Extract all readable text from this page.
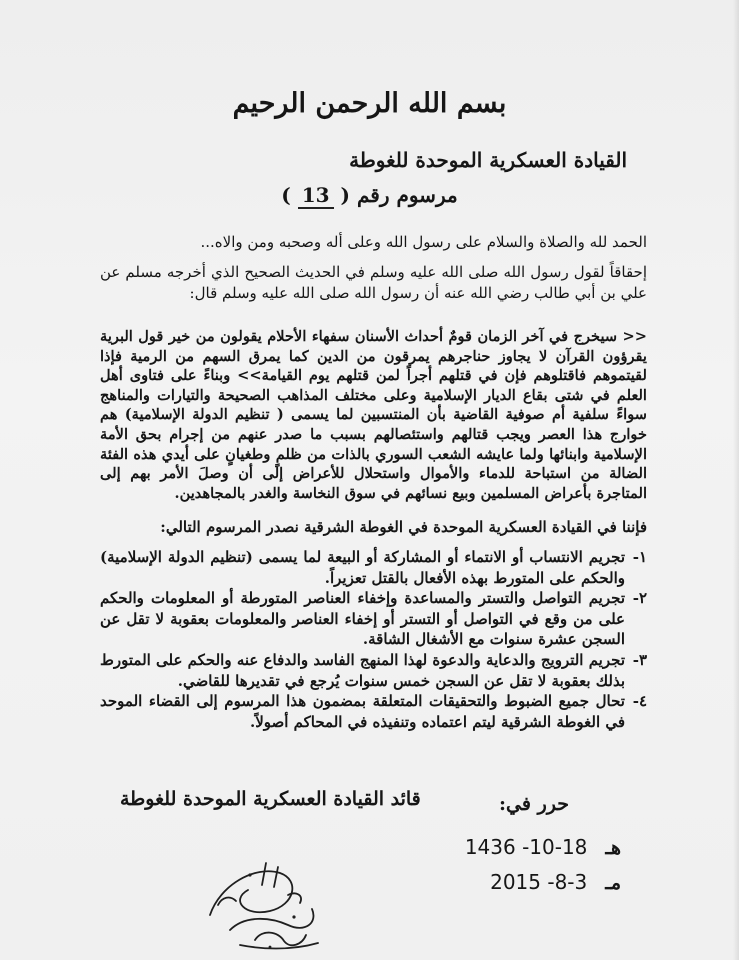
بسم الله الرحمن الرحيم
القيادة العسكرية الموحدة للغوطة
مرسوم رقم ( 13 )
الحمد لله والصلاة والسلام على رسول الله وعلى أله وصحبه ومن والاه...
إحقاقاً لقول رسول الله صلى الله عليه وسلم في الحديث الصحيح الذي أخرجه مسلم عن علي بن أبي طالب رضي الله عنه أن رسول الله صلى الله عليه وسلم قال:
<< سيخرج في آخر الزمان قومٌ أحداث الأسنان سفهاء الأحلام يقولون من خير قول البرية يقرؤون القرآن لا يجاوز حناجرهم يمرقون من الدين كما يمرق السهم من الرمية فإذا لقيتموهم فاقتلوهم فإن في قتلهم أجراً لمن قتلهم يوم القيامة>> وبناءً على فتاوى أهل العلم في شتى بقاع الديار الإسلامية وعلى مختلف المذاهب الصحيحة والتيارات والمناهج سواءً سلفية أم صوفية القاضية بأن المنتسبين لما يسمى ( تنظيم الدولة الإسلامية) هم خوارج هذا العصر ويجب قتالهم واستئصالهم بسبب ما صدر عنهم من إجرام بحق الأمة الإسلامية وابنائها ولما عايشه الشعب السوري بالذات من ظلمٍ وطغيانٍ على أيدي هذه الفئة الضالة من استباحة للدماء والأموال واستحلال للأعراض إلى أن وصلَ الأمر بهم إلى المتاجرة بأعراض المسلمين وبيع نسائهم في سوق النخاسة والغدر بالمجاهدين.
فإننا في القيادة العسكرية الموحدة في الغوطة الشرقية نصدر المرسوم التالي:
١-
تجريم الانتساب أو الانتماء أو المشاركة أو البيعة لما يسمى (تنظيم الدولة الإسلامية) والحكم على المتورط بهذه الأفعال بالقتل تعزيراً.
٢-
تجريم التواصل والتستر والمساعدة وإخفاء العناصر المتورطة أو المعلومات والحكم على من وقع في التواصل أو التستر أو إخفاء العناصر والمعلومات بعقوبة لا تقل عن السجن عشرة سنوات مع الأشغال الشاقة.
٣-
تجريم الترويج والدعاية والدعوة لهذا المنهج الفاسد والدفاع عنه والحكم على المتورط بذلك بعقوبة لا تقل عن السجن خمس سنوات يُرجع في تقديرها للقاضي.
٤-
تحال جميع الضبوط والتحقيقات المتعلقة بمضمون هذا المرسوم إلى القضاء الموحد في الغوطة الشرقية ليتم اعتماده وتنفيذه في المحاكم أصولاً.
قائد القيادة العسكرية الموحدة للغوطة	حرر في:
1436 -10-18 هـ
2015 -8-3 مـ
